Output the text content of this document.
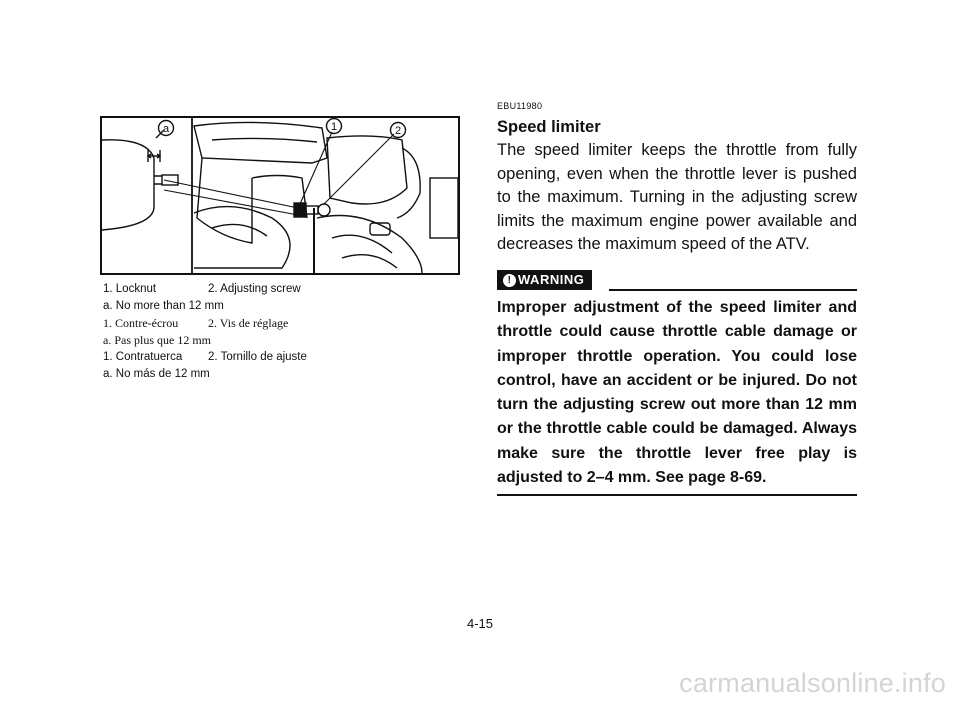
a	1	2
1. Locknut	2. Adjusting screw
a. No more than 12 mm
1. Contre-écrou	2. Vis de réglage
a. Pas plus que 12 mm
1. Contratuerca	2. Tornillo de ajuste
a. No más de 12 mm
EBU11980
Speed limiter
The speed limiter keeps the throttle from fully opening, even when the throttle lever is pushed to the maximum. Turning in the adjusting screw limits the maximum engine power available and decreases the maximum speed of the ATV.
! WARNING
Improper adjustment of the speed limiter and throttle could cause throttle cable damage or improper throttle operation. You could lose control, have an accident or be injured. Do not turn the adjusting screw out more than 12 mm or the throttle cable could be damaged. Always make sure the throttle lever free play is adjusted to 2–4 mm. See page 8-69.
4-15
carmanualsonline.info
